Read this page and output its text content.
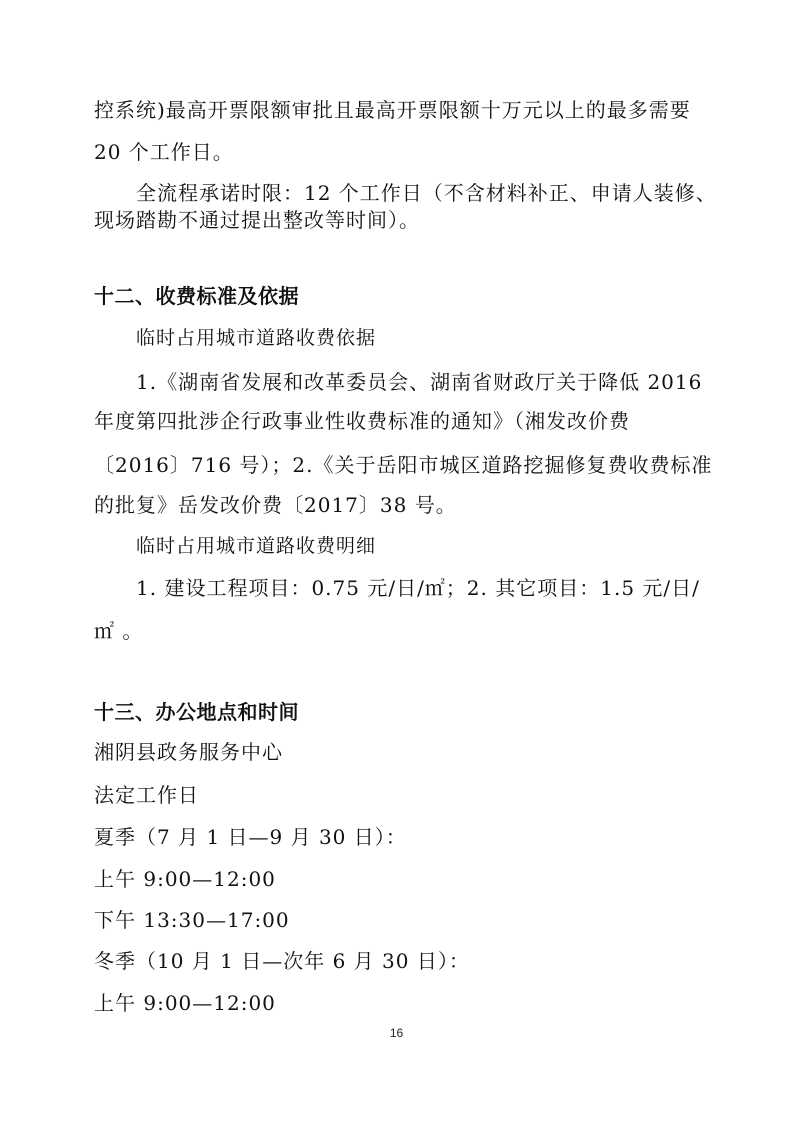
控系统)最高开票限额审批且最高开票限额十万元以上的最多需要
20 个工作日。
全流程承诺时限：12 个工作日（不含材料补正、申请人装修、
现场踏勘不通过提出整改等时间）。
十二、收费标准及依据
临时占用城市道路收费依据
1.《湖南省发展和改革委员会、湖南省财政厅关于降低 2016
年度第四批涉企行政事业性收费标准的通知》（湘发改价费
〔2016〕716 号）；2.《关于岳阳市城区道路挖掘修复费收费标准
的批复》岳发改价费〔2017〕38 号。
临时占用城市道路收费明细
1. 建设工程项目：0.75 元/日/㎡；2. 其它项目：1.5 元/日/
㎡ 。
十三、办公地点和时间
湘阴县政务服务中心
法定工作日
夏季（7 月 1 日—9 月 30 日）：
上午 9:00—12:00
下午 13:30—17:00
冬季（10 月 1 日—次年 6 月 30 日）：
上午 9:00—12:00
16
